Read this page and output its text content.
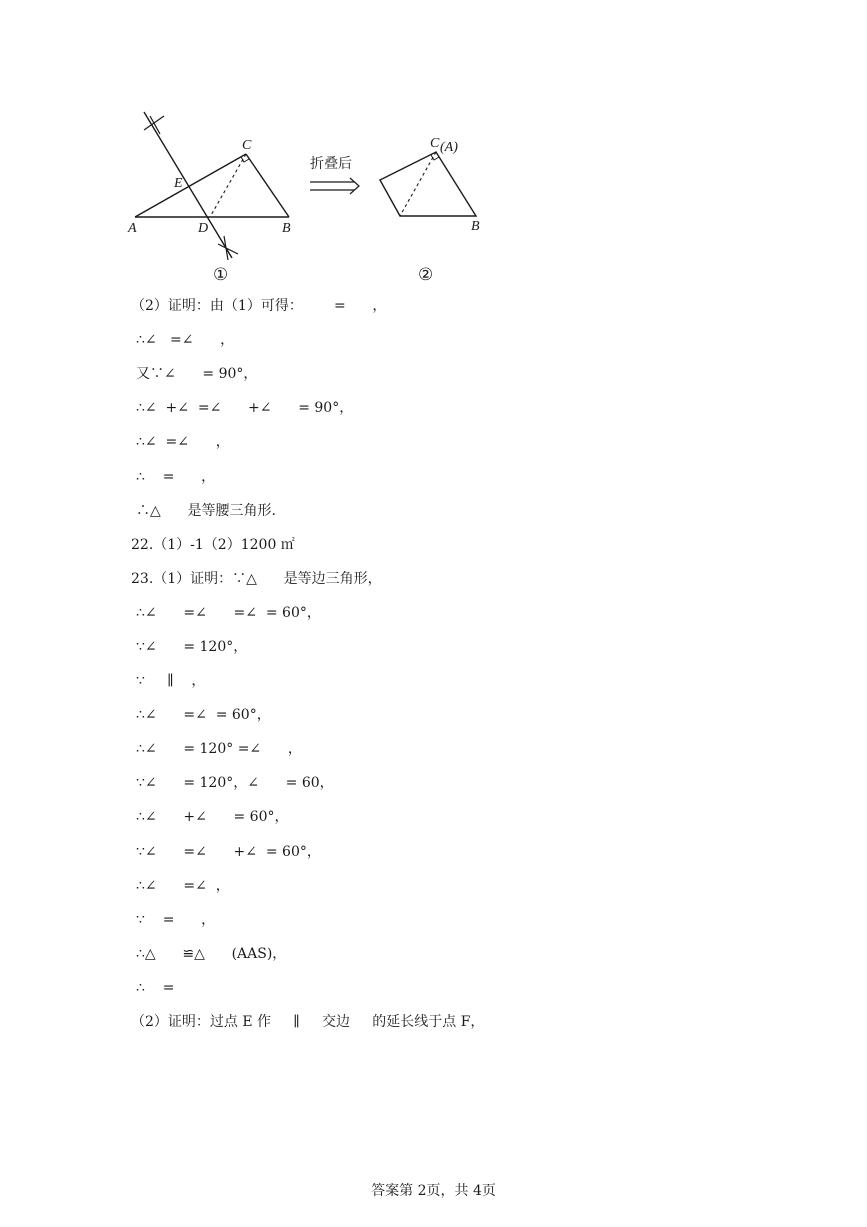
A	B
C
D
E
①
折叠后
C (A)
B
②
（2）证明：由（1）可得：       =      ，
∴∠   =∠      ，
又∵∠      = 90°，
∴∠  +∠  =∠      +∠      = 90°，
∴∠  =∠      ，
∴    =      ，
∴△      是等腰三角形.
22.（1）-1（2）1200 ㎡
23.（1）证明：∵△      是等边三角形，
∴∠      =∠      =∠  = 60°，
∵∠      = 120°，
∵     ∥    ，
∴∠      =∠  = 60°，
∴∠      = 120° =∠      ，
∵∠      = 120°，∠      = 60，
∴∠      +∠      = 60°，
∵∠      =∠      +∠  = 60°，
∴∠      =∠  ，
∵    =      ，
∴△      ≌△      (AAS)，
∴    =
（2）证明：过点 E 作     ∥     交边     的延长线于点 F，
答案第 2页，共 4页
